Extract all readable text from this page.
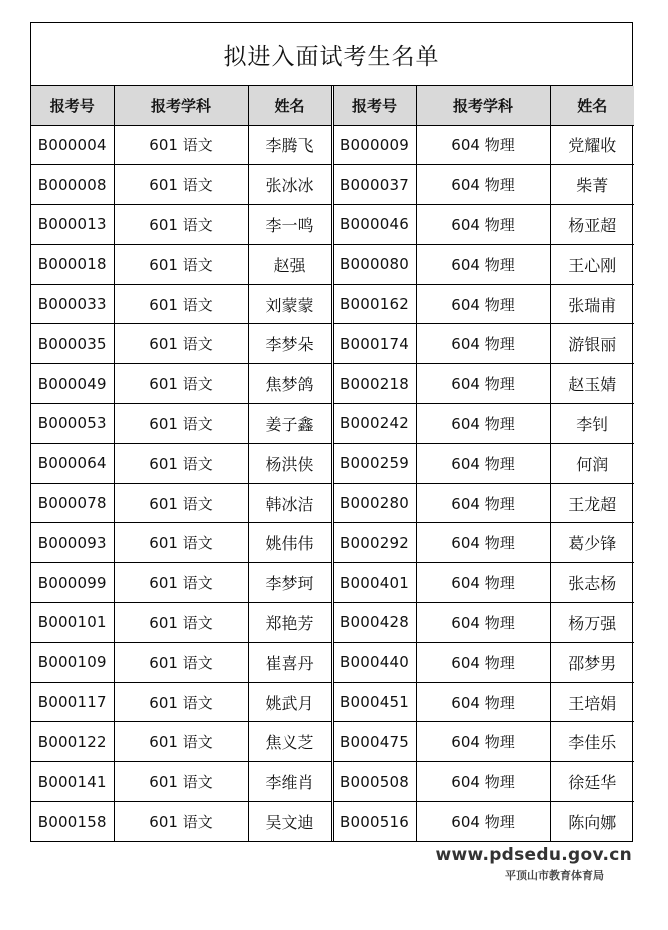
拟进入面试考生名单
报考号	报考学科	姓名	报考号	报考学科	姓名
B000004	601 语文	李腾飞	B000009	604 物理	党耀收
B000008	601 语文	张冰冰	B000037	604 物理	柴菁
B000013	601 语文	李一鸣	B000046	604 物理	杨亚超
B000018	601 语文	赵强	B000080	604 物理	王心刚
B000033	601 语文	刘蒙蒙	B000162	604 物理	张瑞甫
B000035	601 语文	李梦朵	B000174	604 物理	游银丽
B000049	601 语文	焦梦鸽	B000218	604 物理	赵玉婧
B000053	601 语文	姜子鑫	B000242	604 物理	李钊
B000064	601 语文	杨洪侠	B000259	604 物理	何润
B000078	601 语文	韩冰洁	B000280	604 物理	王龙超
B000093	601 语文	姚伟伟	B000292	604 物理	葛少锋
B000099	601 语文	李梦珂	B000401	604 物理	张志杨
B000101	601 语文	郑艳芳	B000428	604 物理	杨万强
B000109	601 语文	崔喜丹	B000440	604 物理	邵梦男
B000117	601 语文	姚武月	B000451	604 物理	王培娟
B000122	601 语文	焦义芝	B000475	604 物理	李佳乐
B000141	601 语文	李维肖	B000508	604 物理	徐廷华
B000158	601 语文	吴文迪	B000516	604 物理	陈向娜
www.pdsedu.gov.cn
平顶山市教育体育局
